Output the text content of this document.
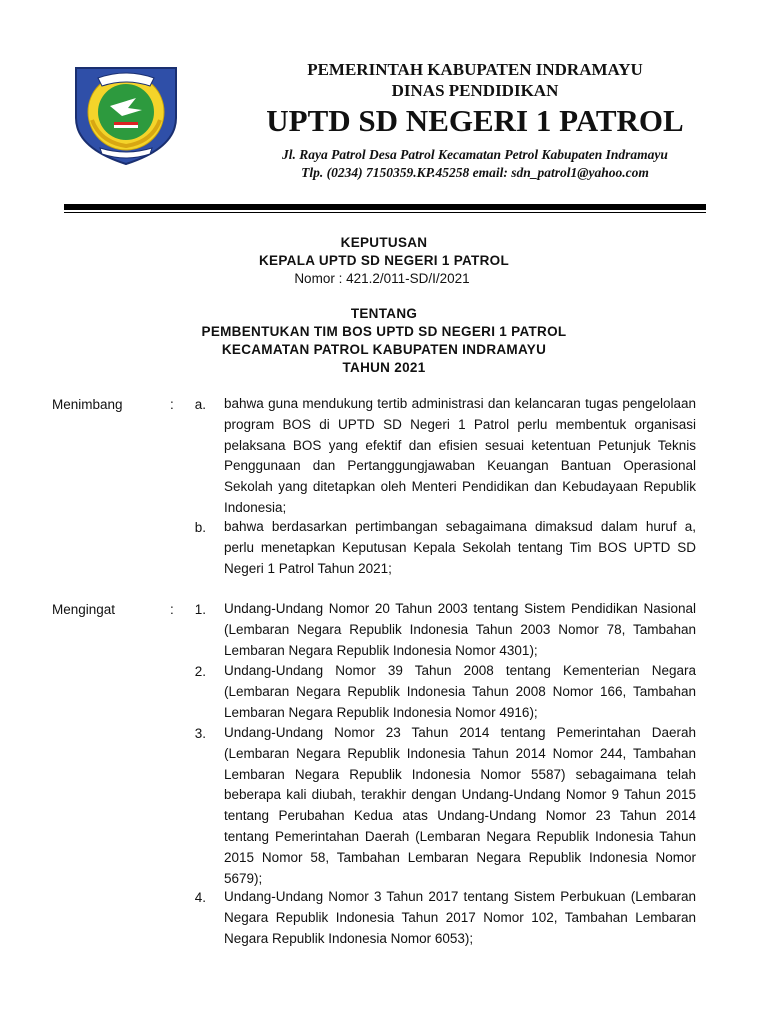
PEMERINTAH KABUPATEN INDRAMAYU
DINAS PENDIDIKAN
UPTD SD NEGERI 1 PATROL
Jl. Raya Patrol Desa Patrol Kecamatan Petrol Kabupaten Indramayu
Tlp. (0234) 7150359.KP.45258 email: sdn_patrol1@yahoo.com
KEPUTUSAN
KEPALA UPTD SD NEGERI 1 PATROL
Nomor : 421.2/011-SD/I/2021
TENTANG
PEMBENTUKAN TIM BOS UPTD SD NEGERI 1 PATROL
KECAMATAN PATROL KABUPATEN INDRAMAYU
TAHUN 2021
Menimbang	:	a. bahwa guna mendukung tertib administrasi dan kelancaran tugas pengelolaan program BOS di UPTD SD Negeri 1 Patrol perlu membentuk organisasi pelaksana BOS yang efektif dan efisien sesuai ketentuan Petunjuk Teknis Penggunaan dan Pertanggungjawaban Keuangan Bantuan Operasional Sekolah yang ditetapkan oleh Menteri Pendidikan dan Kebudayaan Republik Indonesia;
b. bahwa berdasarkan pertimbangan sebagaimana dimaksud dalam huruf a, perlu menetapkan Keputusan Kepala Sekolah tentang Tim BOS UPTD SD Negeri 1 Patrol Tahun 2021;
Mengingat	:	1. Undang-Undang Nomor 20 Tahun 2003 tentang Sistem Pendidikan Nasional (Lembaran Negara Republik Indonesia Tahun 2003 Nomor 78, Tambahan Lembaran Negara Republik Indonesia Nomor 4301);
2. Undang-Undang Nomor 39 Tahun 2008 tentang Kementerian Negara (Lembaran Negara Republik Indonesia Tahun 2008 Nomor 166, Tambahan Lembaran Negara Republik Indonesia Nomor 4916);
3. Undang-Undang Nomor 23 Tahun 2014 tentang Pemerintahan Daerah (Lembaran Negara Republik Indonesia Tahun 2014 Nomor 244, Tambahan Lembaran Negara Republik Indonesia Nomor 5587) sebagaimana telah beberapa kali diubah, terakhir dengan Undang-Undang Nomor 9 Tahun 2015 tentang Perubahan Kedua atas Undang-Undang Nomor 23 Tahun 2014 tentang Pemerintahan Daerah (Lembaran Negara Republik Indonesia Tahun 2015 Nomor 58, Tambahan Lembaran Negara Republik Indonesia Nomor 5679);
4. Undang-Undang Nomor 3 Tahun 2017 tentang Sistem Perbukuan (Lembaran Negara Republik Indonesia Tahun 2017 Nomor 102, Tambahan Lembaran Negara Republik Indonesia Nomor 6053);
